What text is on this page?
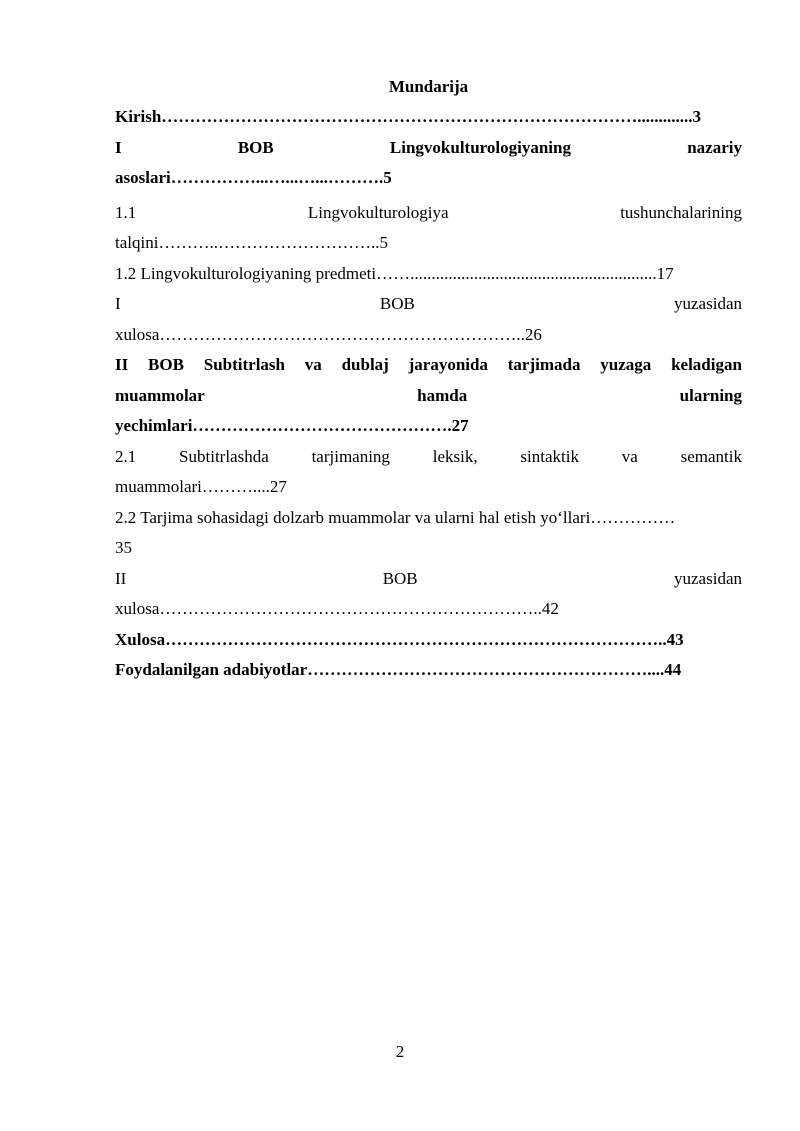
Mundarija

Kirish………………………………………………………………………….............3
I	BOB	Lingvokulturologiyaning	nazariy
asoslari……………...…...…...……….5
1.1	Lingvokulturologiya	tushunchalarining
talqini………..………………………..5
1.2 Lingvokulturologiyaning predmeti……..........................................................17
I	BOB	yuzasidan
xulosa………………………………………………………..26
II BOB Subtitrlash va dublaj jarayonida tarjimada yuzaga keladigan
muammolar	hamda	ularning
yechimlari……………………………………….27
2.1	Subtitrlashda	tarjimaning	leksik,	sintaktik	va	semantik
muammolari………....27
2.2 Tarjima sohasidagi dolzarb muammolar va ularni hal etish yo‘llari……………
35
II	BOB	yuzasidan
xulosa…………………………………………………………..42
Xulosa……………………………………………………………………………..43
Foydalanilgan adabiyotlar……………………………………………………....44
2
